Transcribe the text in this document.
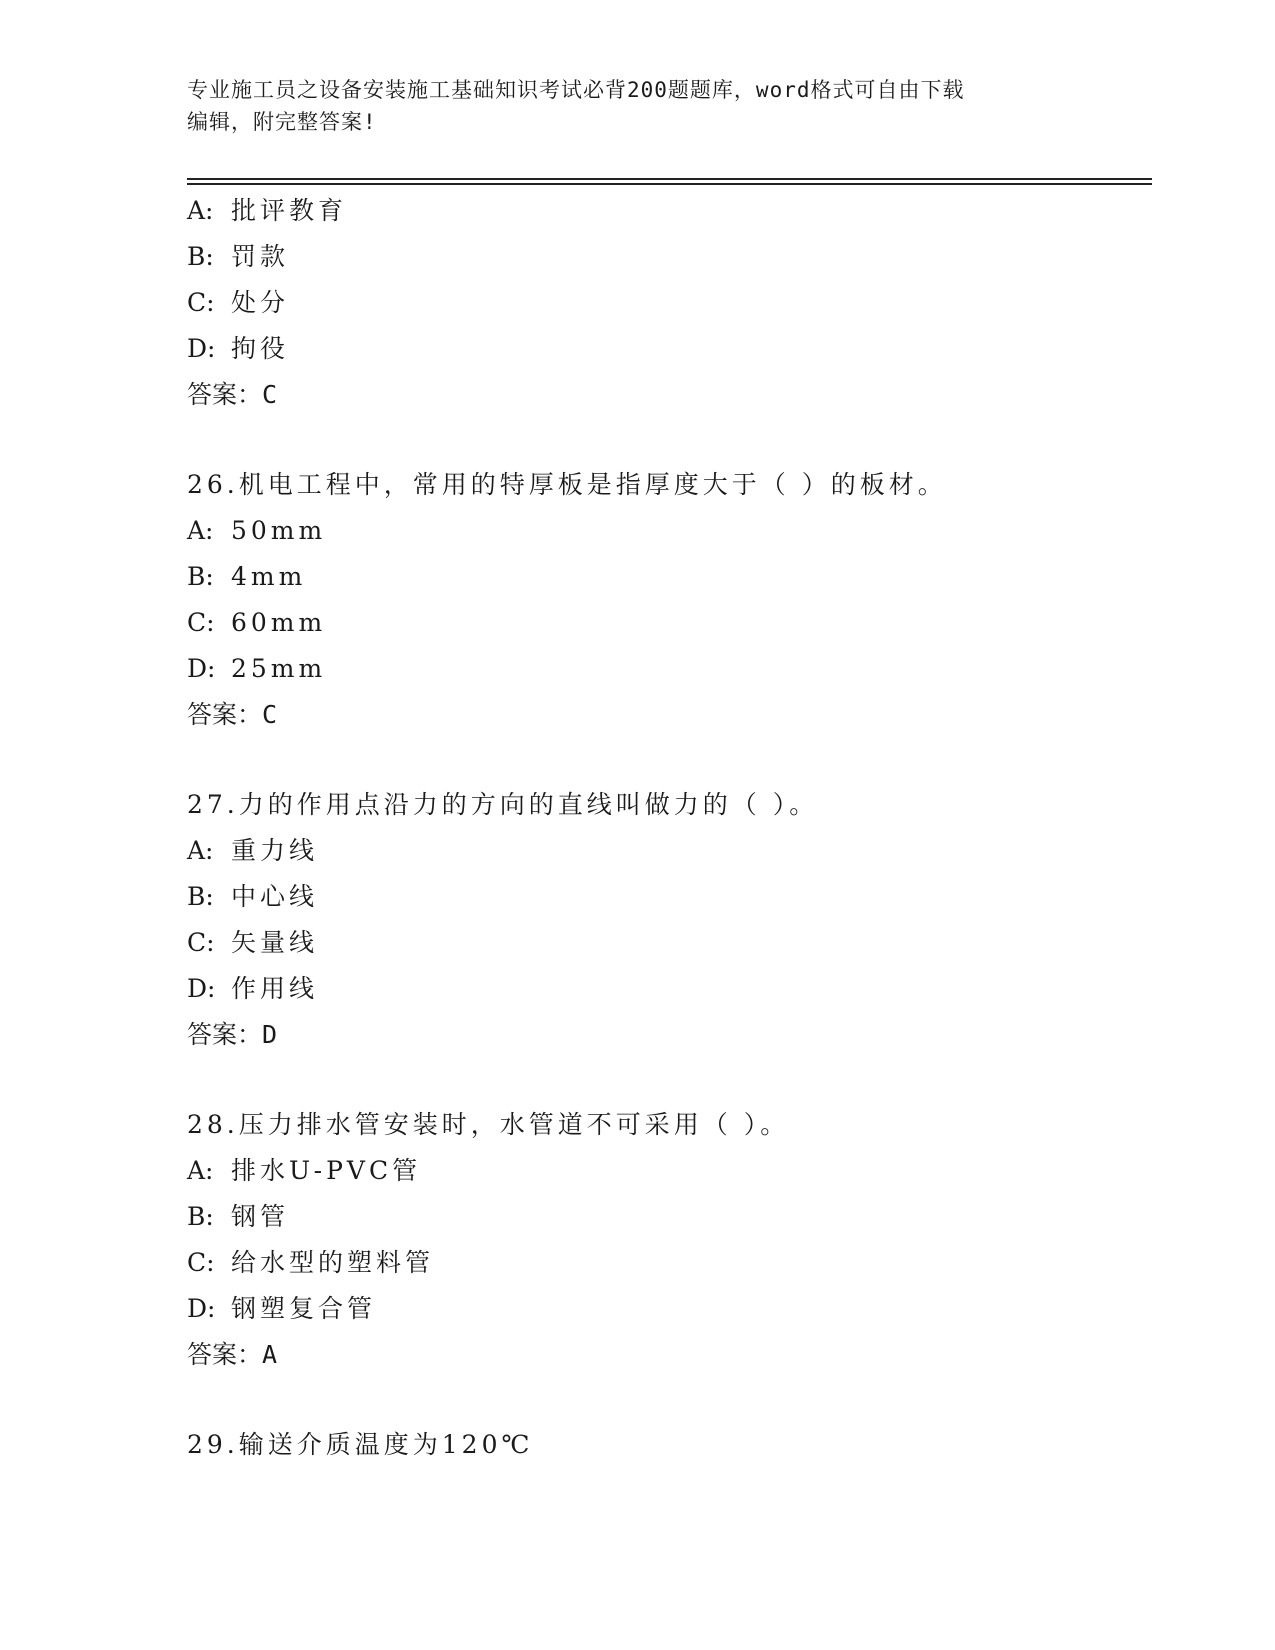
专业施工员之设备安装施工基础知识考试必背200题题库，word格式可自由下载
编辑，附完整答案!
A: 批评教育
B: 罚款
C: 处分
D: 拘役
答案：C
26.机电工程中，常用的特厚板是指厚度大于（ ）的板材。
A: 50mm
B: 4mm
C: 60mm
D: 25mm
答案：C
27.力的作用点沿力的方向的直线叫做力的（ ）。
A: 重力线
B: 中心线
C: 矢量线
D: 作用线
答案：D
28.压力排水管安装时，水管道不可采用（ ）。
A: 排水U-PVC管
B: 钢管
C: 给水型的塑料管
D: 钢塑复合管
答案：A
29.输送介质温度为120℃
